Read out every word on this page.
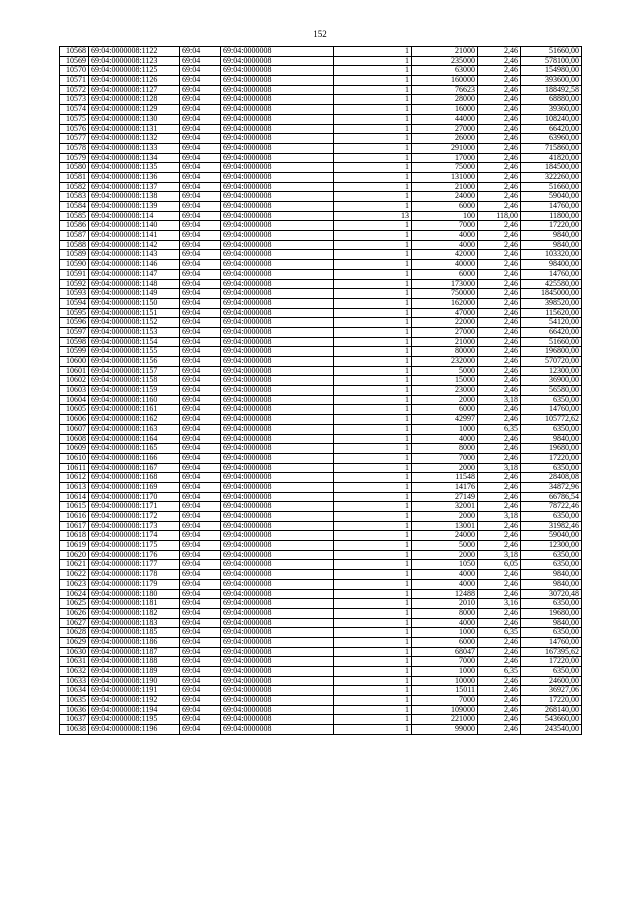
152
10568	69:04:0000008:1122	69:04	69:04:0000008	1	21000	2,46	51660,00
10569	69:04:0000008:1123	69:04	69:04:0000008	1	235000	2,46	578100,00
10570	69:04:0000008:1125	69:04	69:04:0000008	1	63000	2,46	154980,00
10571	69:04:0000008:1126	69:04	69:04:0000008	1	160000	2,46	393600,00
10572	69:04:0000008:1127	69:04	69:04:0000008	1	76623	2,46	188492,58
10573	69:04:0000008:1128	69:04	69:04:0000008	1	28000	2,46	68880,00
10574	69:04:0000008:1129	69:04	69:04:0000008	1	16000	2,46	39360,00
10575	69:04:0000008:1130	69:04	69:04:0000008	1	44000	2,46	108240,00
10576	69:04:0000008:1131	69:04	69:04:0000008	1	27000	2,46	66420,00
10577	69:04:0000008:1132	69:04	69:04:0000008	1	26000	2,46	63960,00
10578	69:04:0000008:1133	69:04	69:04:0000008	1	291000	2,46	715860,00
10579	69:04:0000008:1134	69:04	69:04:0000008	1	17000	2,46	41820,00
10580	69:04:0000008:1135	69:04	69:04:0000008	1	75000	2,46	184500,00
10581	69:04:0000008:1136	69:04	69:04:0000008	1	131000	2,46	322260,00
10582	69:04:0000008:1137	69:04	69:04:0000008	1	21000	2,46	51660,00
10583	69:04:0000008:1138	69:04	69:04:0000008	1	24000	2,46	59040,00
10584	69:04:0000008:1139	69:04	69:04:0000008	1	6000	2,46	14760,00
10585	69:04:0000008:114	69:04	69:04:0000008	13	100	118,00	11800,00
10586	69:04:0000008:1140	69:04	69:04:0000008	1	7000	2,46	17220,00
10587	69:04:0000008:1141	69:04	69:04:0000008	1	4000	2,46	9840,00
10588	69:04:0000008:1142	69:04	69:04:0000008	1	4000	2,46	9840,00
10589	69:04:0000008:1143	69:04	69:04:0000008	1	42000	2,46	103320,00
10590	69:04:0000008:1146	69:04	69:04:0000008	1	40000	2,46	98400,00
10591	69:04:0000008:1147	69:04	69:04:0000008	1	6000	2,46	14760,00
10592	69:04:0000008:1148	69:04	69:04:0000008	1	173000	2,46	425580,00
10593	69:04:0000008:1149	69:04	69:04:0000008	1	750000	2,46	1845000,00
10594	69:04:0000008:1150	69:04	69:04:0000008	1	162000	2,46	398520,00
10595	69:04:0000008:1151	69:04	69:04:0000008	1	47000	2,46	115620,00
10596	69:04:0000008:1152	69:04	69:04:0000008	1	22000	2,46	54120,00
10597	69:04:0000008:1153	69:04	69:04:0000008	1	27000	2,46	66420,00
10598	69:04:0000008:1154	69:04	69:04:0000008	1	21000	2,46	51660,00
10599	69:04:0000008:1155	69:04	69:04:0000008	1	80000	2,46	196800,00
10600	69:04:0000008:1156	69:04	69:04:0000008	1	232000	2,46	570720,00
10601	69:04:0000008:1157	69:04	69:04:0000008	1	5000	2,46	12300,00
10602	69:04:0000008:1158	69:04	69:04:0000008	1	15000	2,46	36900,00
10603	69:04:0000008:1159	69:04	69:04:0000008	1	23000	2,46	56580,00
10604	69:04:0000008:1160	69:04	69:04:0000008	1	2000	3,18	6350,00
10605	69:04:0000008:1161	69:04	69:04:0000008	1	6000	2,46	14760,00
10606	69:04:0000008:1162	69:04	69:04:0000008	1	42997	2,46	105772,62
10607	69:04:0000008:1163	69:04	69:04:0000008	1	1000	6,35	6350,00
10608	69:04:0000008:1164	69:04	69:04:0000008	1	4000	2,46	9840,00
10609	69:04:0000008:1165	69:04	69:04:0000008	1	8000	2,46	19680,00
10610	69:04:0000008:1166	69:04	69:04:0000008	1	7000	2,46	17220,00
10611	69:04:0000008:1167	69:04	69:04:0000008	1	2000	3,18	6350,00
10612	69:04:0000008:1168	69:04	69:04:0000008	1	11548	2,46	28408,08
10613	69:04:0000008:1169	69:04	69:04:0000008	1	14176	2,46	34872,96
10614	69:04:0000008:1170	69:04	69:04:0000008	1	27149	2,46	66786,54
10615	69:04:0000008:1171	69:04	69:04:0000008	1	32001	2,46	78722,46
10616	69:04:0000008:1172	69:04	69:04:0000008	1	2000	3,18	6350,00
10617	69:04:0000008:1173	69:04	69:04:0000008	1	13001	2,46	31982,46
10618	69:04:0000008:1174	69:04	69:04:0000008	1	24000	2,46	59040,00
10619	69:04:0000008:1175	69:04	69:04:0000008	1	5000	2,46	12300,00
10620	69:04:0000008:1176	69:04	69:04:0000008	1	2000	3,18	6350,00
10621	69:04:0000008:1177	69:04	69:04:0000008	1	1050	6,05	6350,00
10622	69:04:0000008:1178	69:04	69:04:0000008	1	4000	2,46	9840,00
10623	69:04:0000008:1179	69:04	69:04:0000008	1	4000	2,46	9840,00
10624	69:04:0000008:1180	69:04	69:04:0000008	1	12488	2,46	30720,48
10625	69:04:0000008:1181	69:04	69:04:0000008	1	2010	3,16	6350,00
10626	69:04:0000008:1182	69:04	69:04:0000008	1	8000	2,46	19680,00
10627	69:04:0000008:1183	69:04	69:04:0000008	1	4000	2,46	9840,00
10628	69:04:0000008:1185	69:04	69:04:0000008	1	1000	6,35	6350,00
10629	69:04:0000008:1186	69:04	69:04:0000008	1	6000	2,46	14760,00
10630	69:04:0000008:1187	69:04	69:04:0000008	1	68047	2,46	167395,62
10631	69:04:0000008:1188	69:04	69:04:0000008	1	7000	2,46	17220,00
10632	69:04:0000008:1189	69:04	69:04:0000008	1	1000	6,35	6350,00
10633	69:04:0000008:1190	69:04	69:04:0000008	1	10000	2,46	24600,00
10634	69:04:0000008:1191	69:04	69:04:0000008	1	15011	2,46	36927,06
10635	69:04:0000008:1192	69:04	69:04:0000008	1	7000	2,46	17220,00
10636	69:04:0000008:1194	69:04	69:04:0000008	1	109000	2,46	268140,00
10637	69:04:0000008:1195	69:04	69:04:0000008	1	221000	2,46	543660,00
10638	69:04:0000008:1196	69:04	69:04:0000008	1	99000	2,46	243540,00
